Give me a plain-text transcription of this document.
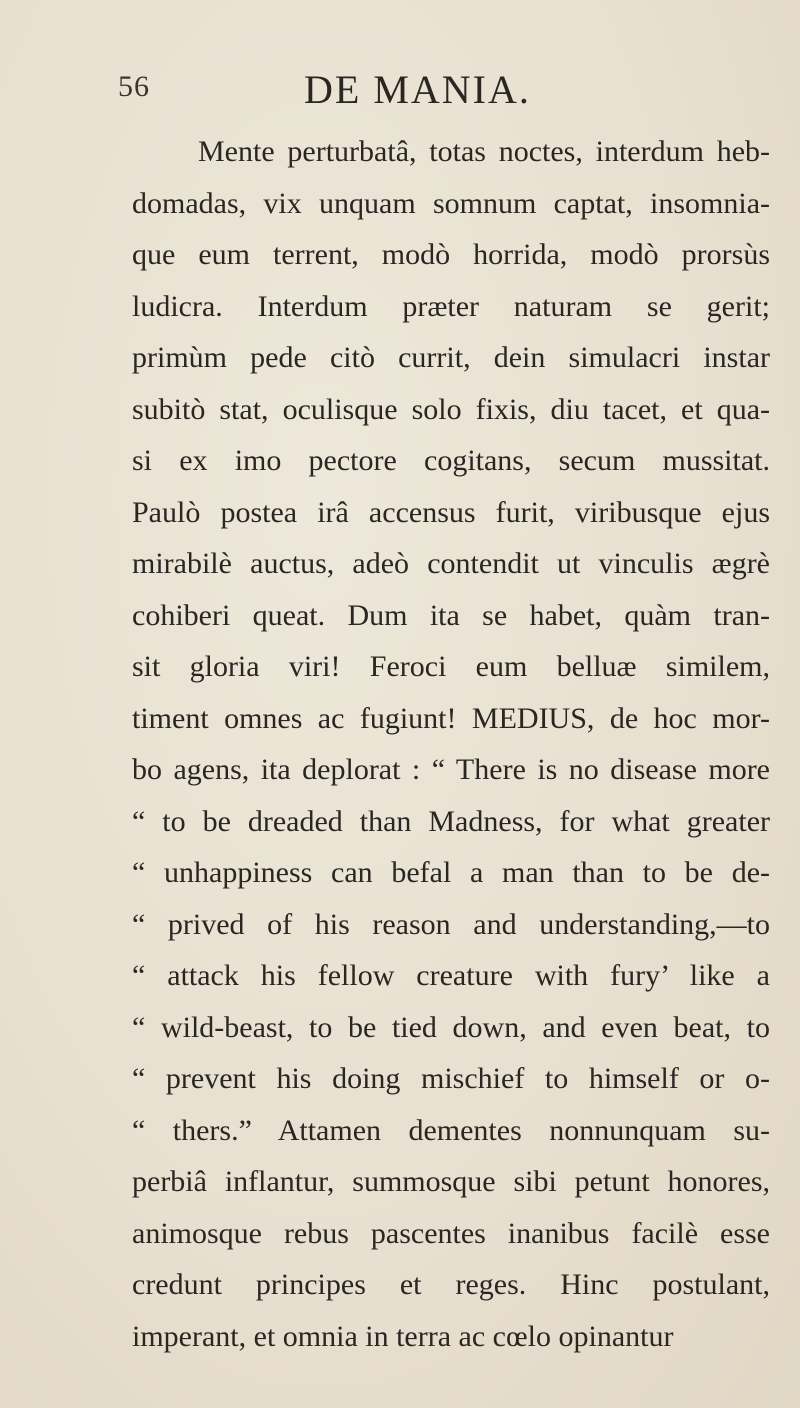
56	DE MANIA.
Mente perturbatâ, totas noctes, interdum heb-
domadas, vix unquam somnum captat, insomnia-
que eum terrent, modò horrida, modò prorsùs
ludicra. Interdum præter naturam se gerit;
primùm pede citò currit, dein simulacri instar
subitò stat, oculisque solo fixis, diu tacet, et qua-
si ex imo pectore cogitans, secum mussitat.
Paulò postea irâ accensus furit, viribusque ejus
mirabilè auctus, adeò contendit ut vinculis ægrè
cohiberi queat. Dum ita se habet, quàm tran-
sit gloria viri! Feroci eum belluæ similem,
timent omnes ac fugiunt! MEDIUS, de hoc mor-
bo agens, ita deplorat : “ There is no disease more
“ to be dreaded than Madness, for what greater
“ unhappiness can befal a man than to be de-
“ prived of his reason and understanding,—to
“ attack his fellow creature with fury’ like a
“ wild-beast, to be tied down, and even beat, to
“ prevent his doing mischief to himself or o-
“ thers.” Attamen dementes nonnunquam su-
perbiâ inflantur, summosque sibi petunt honores,
animosque rebus pascentes inanibus facilè esse
credunt principes et reges. Hinc postulant,
imperant, et omnia in terra ac cœlo opinantur
